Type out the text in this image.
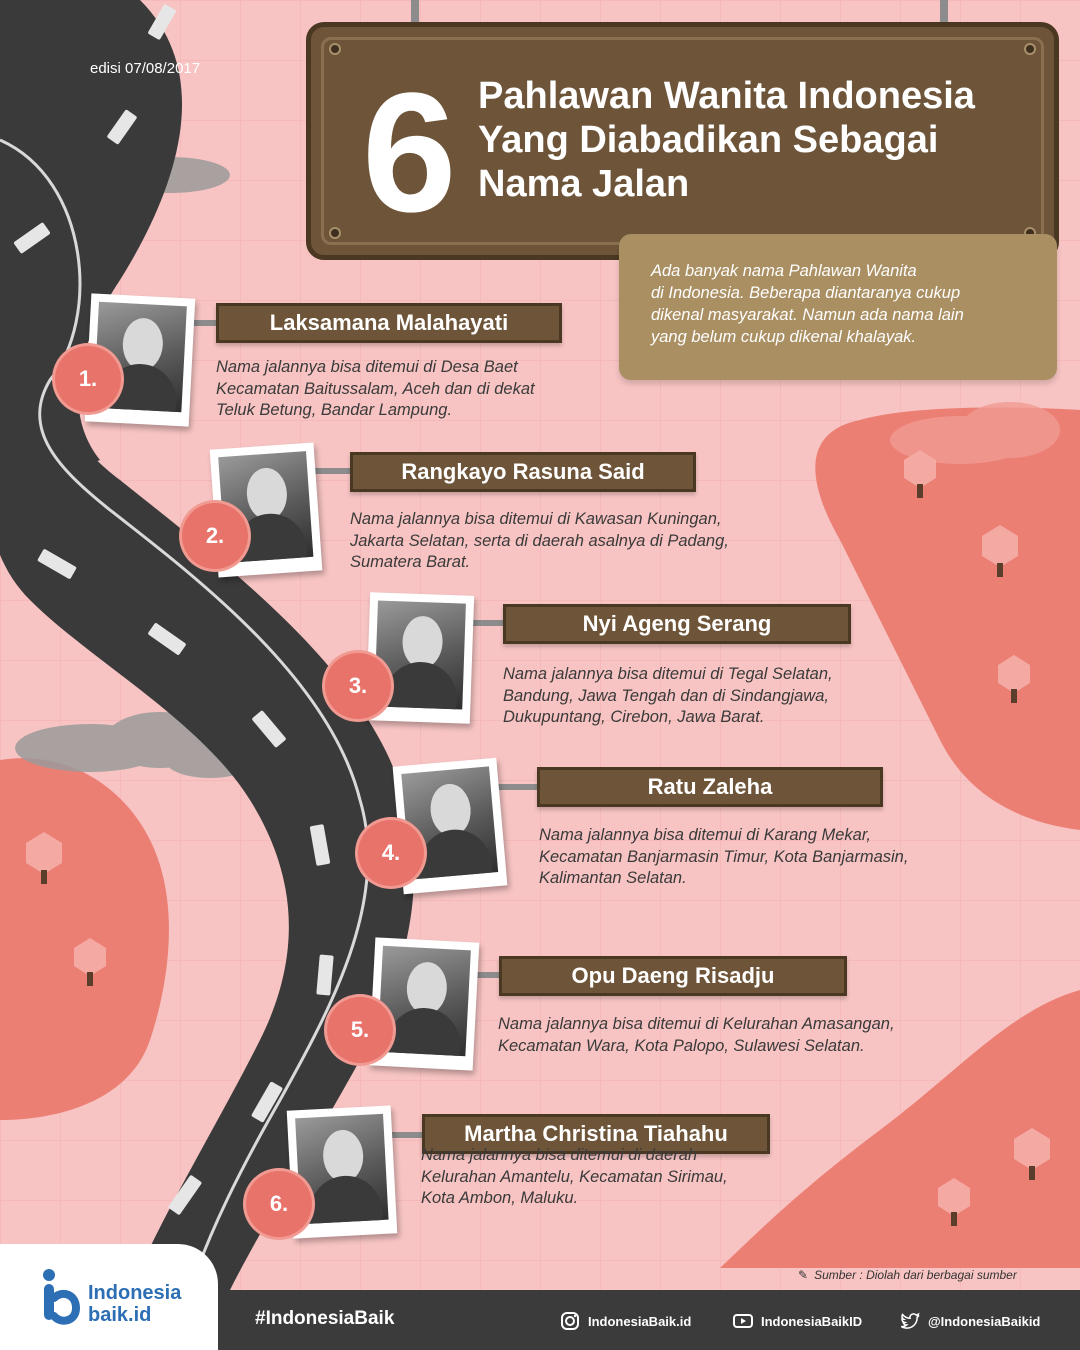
edisi 07/08/2017 6 Pahlawan Wanita Indonesia
Yang Diabadikan Sebagai
Nama Jalan

Ada banyak nama Pahlawan Wanita

di Indonesia. Beberapa diantaranya cukup

dikenal masyarakat. Namun ada nama lain

yang belum cukup dikenal khalayak.

1.
Laksamana Malahayati

Nama jalannya bisa ditemui di Desa Baet

Kecamatan Baitussalam, Aceh dan di dekat

Teluk Betung, Bandar Lampung.

2.
Rangkayo Rasuna Said

Nama jalannya bisa ditemui di Kawasan Kuningan,

Jakarta Selatan, serta di daerah asalnya di Padang,

Sumatera Barat.

3.
Nyi Ageng Serang

Nama jalannya bisa ditemui di Tegal Selatan,

Bandung, Jawa Tengah dan di Sindangjawa,

Dukupuntang, Cirebon, Jawa Barat.

4.
Ratu Zaleha

Nama jalannya bisa ditemui di Karang Mekar,

Kecamatan Banjarmasin Timur, Kota Banjarmasin,

Kalimantan Selatan.

5.
Opu Daeng Risadju

Nama jalannya bisa ditemui di Kelurahan Amasangan,

Kecamatan Wara, Kota Palopo, Sulawesi Selatan.

6.
Martha Christina Tiahahu

Nama jalannya bisa ditemui di daerah

Kelurahan Amantelu, Kecamatan Sirimau,

Kota Ambon, Maluku.

✎ Sumber : Diolah dari berbagai sumber
Indonesia
baik.id	#IndonesiaBaik	IndonesiaBaik.id	IndonesiaBaikID	@IndonesiaBaikid
